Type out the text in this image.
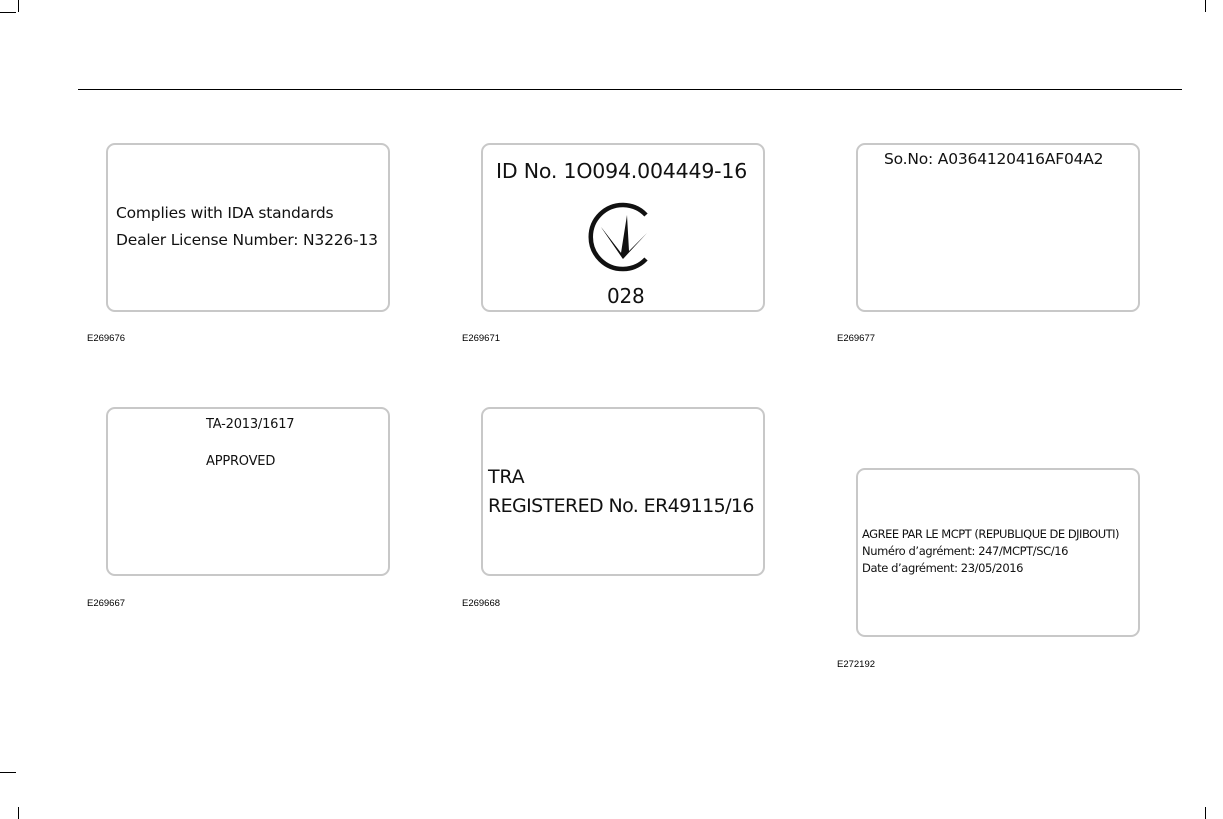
Complies with IDA standards
Dealer License Number: N3226-13
E269676
ID No. 1O094.004449-16
028
E269671
So.No: A0364120416AF04A2
E269677
TA-2013/1617
APPROVED
E269667
TRA
REGISTERED No. ER49115/16
E269668
AGREE PAR LE MCPT (REPUBLIQUE DE DJIBOUTI)
Numéro d’agrément: 247/MCPT/SC/16
Date d’agrément: 23/05/2016
E272192
